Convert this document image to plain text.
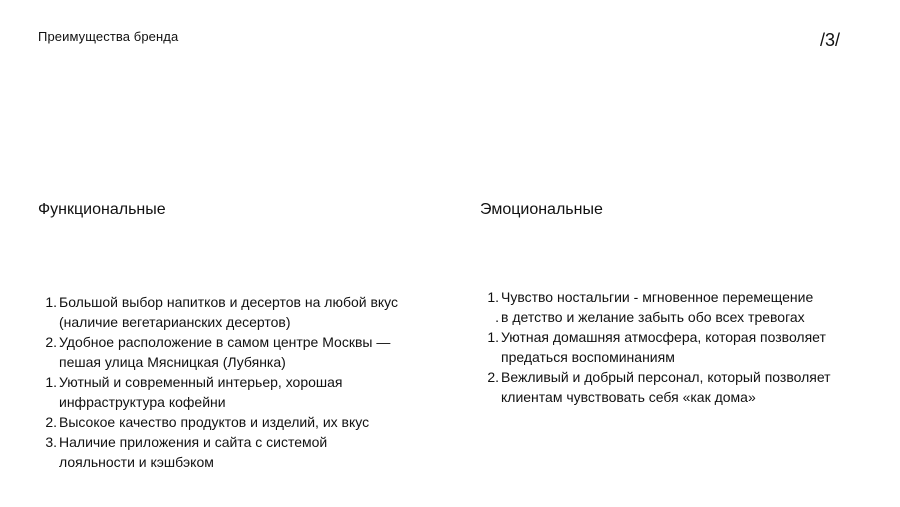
Преимущества бренда	/3/
Функциональные	Эмоциональные
1. Большой выбор напитков и десертов на любой вкус (наличие вегетарианских десертов)
2. Удобное расположение в самом центре Москвы — пешая улица Мясницкая (Лубянка)
1. Уютный и современный интерьер, хорошая инфраструктура кофейни
2. Высокое качество продуктов и изделий, их вкус
3. Наличие приложения и сайта с системой лояльности и кэшбэком
1. Чувство ностальгии - мгновенное перемещение
. в детство и желание забыть обо всех тревогах
1. Уютная домашняя атмосфера, которая позволяет предаться воспоминаниям
2. Вежливый и добрый персонал, который позволяет клиентам чувствовать себя «как дома»
